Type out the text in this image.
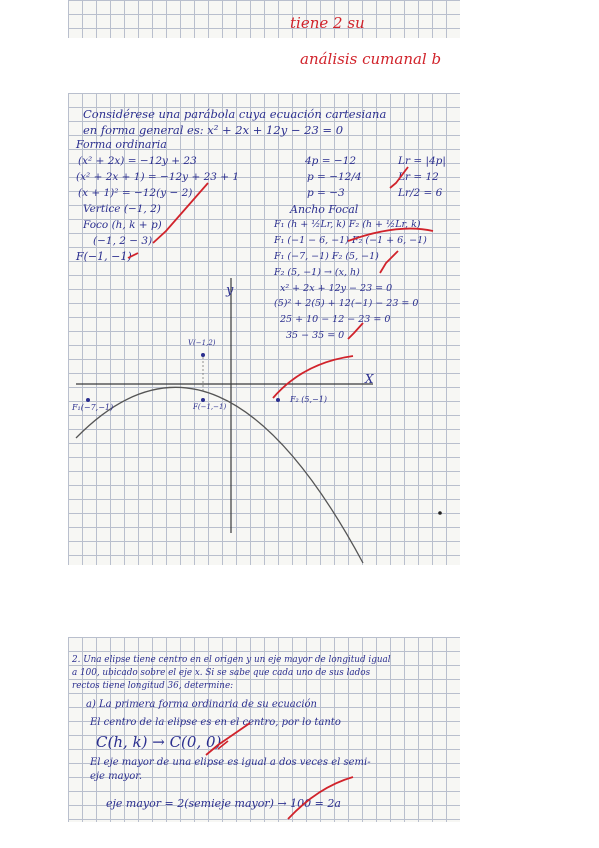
tiene 2 su
análisis cumanal b
Considérese una parábola cuya ecuación cartesiana
en forma general es: x² + 2x + 12y − 23 = 0
Forma ordinaria
(x² + 2x) = −12y + 23
(x² + 2x + 1) = −12y + 23 + 1
(x + 1)² = −12(y − 2)
Vertice (−1, 2)
Foco (h, k + p)
(−1, 2 − 3)
F(−1, −1)
4p = −12
p = −12/4
p = −3
Lr = |4p|
Lr = 12
Lr/2 = 6
Ancho Focal
F₁ (h + ½Lr, k) F₂ (h + ½Lr, k)
F₁ (−1 − 6, −1) F₂ (−1 + 6, −1)
F₁ (−7, −1) F₂ (5, −1)
F₂ (5, −1) → (x, h)
x² + 2x + 12y − 23 = 0
(5)² + 2(5) + 12(−1) − 23 = 0
25 + 10 − 12 − 23 = 0
35 − 35 = 0
y
X
V(−1,2)
F(−1,−1)
F₁(−7,−1)
F₂ (5,−1)
2. Una elipse tiene centro en el origen y un eje mayor de longitud igual
a 100, ubicado sobre el eje x. Si se sabe que cada uno de sus lados
rectos tiene longitud 36, determine:
a) La primera forma ordinaria de su ecuación
El centro de la elipse es en el centro, por lo tanto
C(h, k) → C(0, 0)
El eje mayor de una elipse es igual a dos veces el semi-
eje mayor.
eje mayor = 2(semieje mayor) → 100 = 2a
